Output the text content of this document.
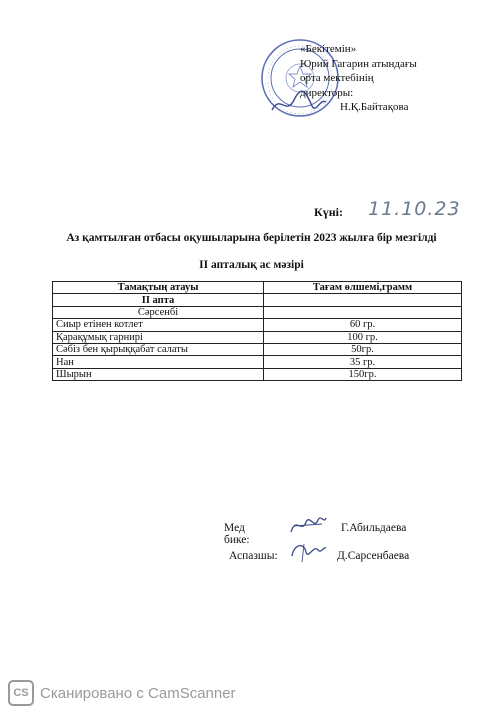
«Бекітемін»
Юрий Гагарин атындағы
орта мектебінің
директоры:
Н.Қ.Байтақова
Күні: 11.10.23
Аз қамтылған отбасы оқушыларына берілетін 2023 жылға бір мезгілді
II апталық ас мәзірі
Тамақтың атауы	Тағам өлшемі,грамм
II апта	
Сәрсенбі	
Сиыр етінен котлет	60 гр.
Қарақұмық гарнирі	100 гр.
Сәбіз бен қырыққабат салаты	50гр.
Нан	35 гр.
Шырын	150гр.
Мед бике:
Г.Абильдаева
Аспазшы:	Д.Сарсенбаева
CS Сканировано с CamScanner
